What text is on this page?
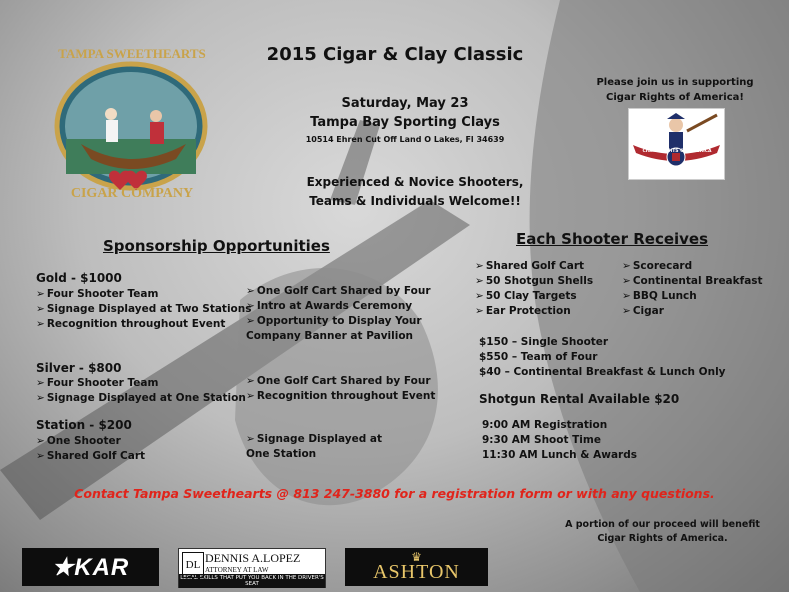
TAMPA SWEETHEARTS
CIGAR COMPANY
2015 Cigar & Clay Classic
Saturday, May 23
Tampa Bay Sporting Clays
10514 Ehren Cut Off Land O Lakes, Fl 34639
Experienced & Novice Shooters,
Teams & Individuals Welcome!!
Please join us in supporting
Cigar Rights of America!
CIGAR RIGHTS OF AMERICA
Sponsorship Opportunities
Gold - $1000
➢ Four Shooter Team
➢ Signage Displayed at Two Stations
➢ Recognition throughout Event
➢ One Golf Cart Shared by Four
➢ Intro at Awards Ceremony
➢ Opportunity to Display Your Company Banner at Pavilion
Silver - $800
➢ Four Shooter Team
➢ Signage Displayed at One Station
➢ One Golf Cart Shared by Four
➢ Recognition throughout Event
Station - $200
➢ One Shooter
➢ Shared Golf Cart
➢ Signage Displayed at One Station
Each Shooter Receives
➢ Shared Golf Cart
➢ 50 Shotgun Shells
➢ 50 Clay Targets
➢ Ear Protection
➢ Scorecard
➢ Continental Breakfast
➢ BBQ Lunch
➢ Cigar
$150 – Single Shooter
$550 – Team of Four
$40 – Continental Breakfast & Lunch Only
Shotgun Rental Available $20
9:00 AM Registration
9:30 AM Shoot Time
11:30 AM Lunch & Awards
Contact Tampa Sweethearts @ 813 247-3880 for a registration form or with any questions.
A portion of our proceed will benefit
Cigar Rights of America.
★KAR	DL DENNIS A.LOPEZ
ATTORNEY AT LAW
LEGAL SKILLS THAT PUT YOU BACK IN THE DRIVER'S SEAT
♛
ASHTON
